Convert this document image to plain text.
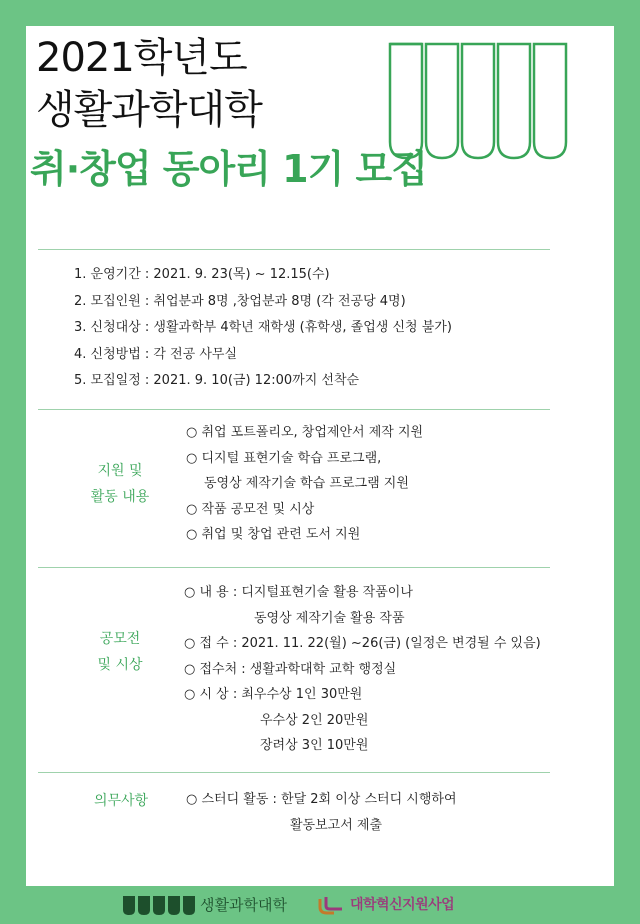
2021학년도
생활과학대학
취·창업 동아리 1기 모집
1. 운영기간 : 2021. 9. 23(목) ~ 12.15(수)
2. 모집인원 : 취업분과 8명 ,창업분과 8명 (각 전공당 4명)
3. 신청대상 : 생활과학부 4학년 재학생 (휴학생, 졸업생 신청 불가)
4. 신청방법 : 각 전공 사무실
5. 모집일정 : 2021. 9. 10(금) 12:00까지 선착순
지원 및
활동 내용
○ 취업 포트폴리오, 창업제안서 제작 지원
○ 디지털 표현기술 학습 프로그램,
동영상 제작기술 학습 프로그램 지원
○ 작품 공모전 및 시상
○ 취업 및 창업 관련 도서 지원
공모전
및 시상
○ 내 용 : 디지털표현기술 활용 작품이나
동영상 제작기술 활용 작품
○ 접 수 : 2021. 11. 22(월) ~26(금) (일정은 변경될 수 있음)
○ 접수처 : 생활과학대학 교학 행정실
○ 시 상 : 최우수상 1인 30만원
우수상 2인 20만원
장려상 3인 10만원
의무사항	○ 스터디 활동 : 한달 2회 이상 스터디 시행하여
활동보고서 제출
생활과학대학	대학혁신지원사업
